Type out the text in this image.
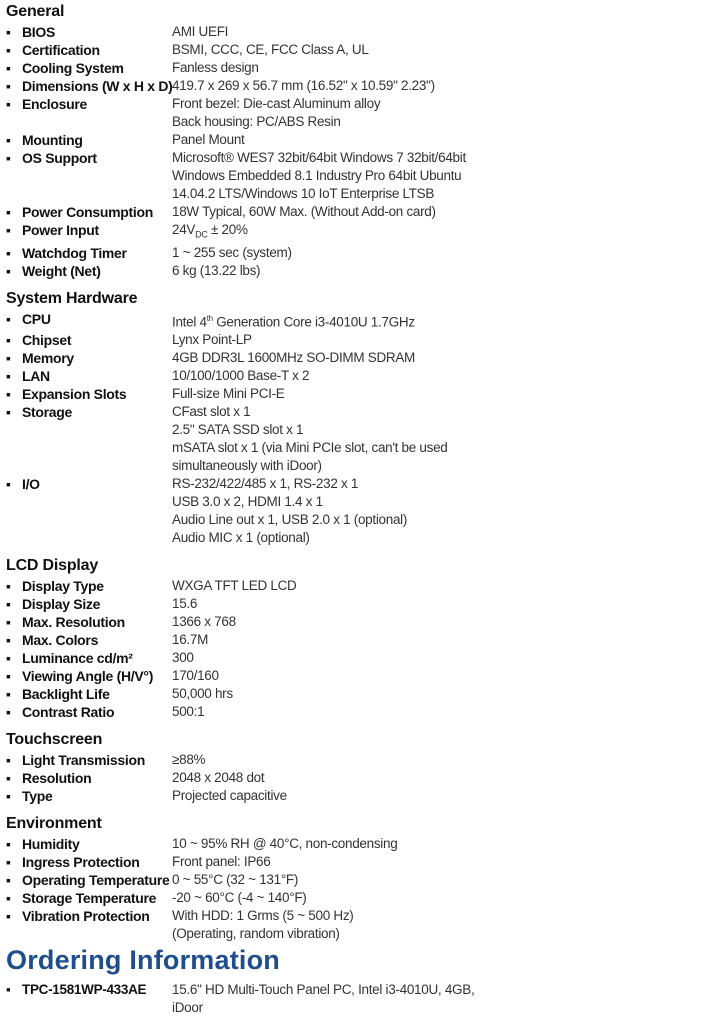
General
▪ BIOS	AMI UEFI
▪ Certification	BSMI, CCC, CE, FCC Class A, UL
▪ Cooling System	Fanless design
▪ Dimensions (W x H x D) 419.7 x 269 x 56.7 mm (16.52" x 10.59" 2.23")
▪ Enclosure	Front bezel: Die-cast Aluminum alloy
Back housing: PC/ABS Resin
▪ Mounting	Panel Mount
▪ OS Support	Microsoft® WES7 32bit/64bit Windows 7 32bit/64bit
Windows Embedded 8.1 Industry Pro 64bit Ubuntu
14.04.2 LTS/Windows 10 IoT Enterprise LTSB
▪ Power Consumption	18W Typical, 60W Max. (Without Add-on card)
▪ Power Input	$24V_{DC} \pm 20\%$
▪ Watchdog Timer	1 ~ 255 sec (system)
▪ Weight (Net)	6 kg (13.22 lbs)
System Hardware
▪ CPU	Intel 4th Generation Core i3-4010U 1.7GHz
▪ Chipset	Lynx Point-LP
▪ Memory	4GB DDR3L 1600MHz SO-DIMM SDRAM
▪ LAN	10/100/1000 Base-T x 2
▪ Expansion Slots	Full-size Mini PCI-E
▪ Storage	CFast slot x 1
2.5" SATA SSD slot x 1
mSATA slot x 1 (via Mini PCIe slot, can't be used
simultaneously with iDoor)
▪ I/O	RS-232/422/485 x 1, RS-232 x 1
USB 3.0 x 2, HDMI 1.4 x 1
Audio Line out x 1, USB 2.0 x 1 (optional)
Audio MIC x 1 (optional)
LCD Display
▪ Display Type	WXGA TFT LED LCD
▪ Display Size	15.6
▪ Max. Resolution	1366 x 768
▪ Max. Colors	16.7M
▪ Luminance cd/m²	300
▪ Viewing Angle (H/V°)	170/160
▪ Backlight Life	50,000 hrs
▪ Contrast Ratio	500:1
Touchscreen
▪ Light Transmission	≥88%
▪ Resolution	2048 x 2048 dot
▪ Type	Projected capacitive
Environment
▪ Humidity	10 ~ 95% RH @ 40°C, non-condensing
▪ Ingress Protection	Front panel: IP66
▪ Operating Temperature 0 ~ 55°C (32 ~ 131°F)
▪ Storage Temperature	-20 ~ 60°C (-4 ~ 140°F)
▪ Vibration Protection	With HDD: 1 Grms (5 ~ 500 Hz)
(Operating, random vibration)
Ordering Information
▪ TPC-1581WP-433AE	15.6" HD Multi-Touch Panel PC, Intel i3-4010U, 4GB,
iDoor
